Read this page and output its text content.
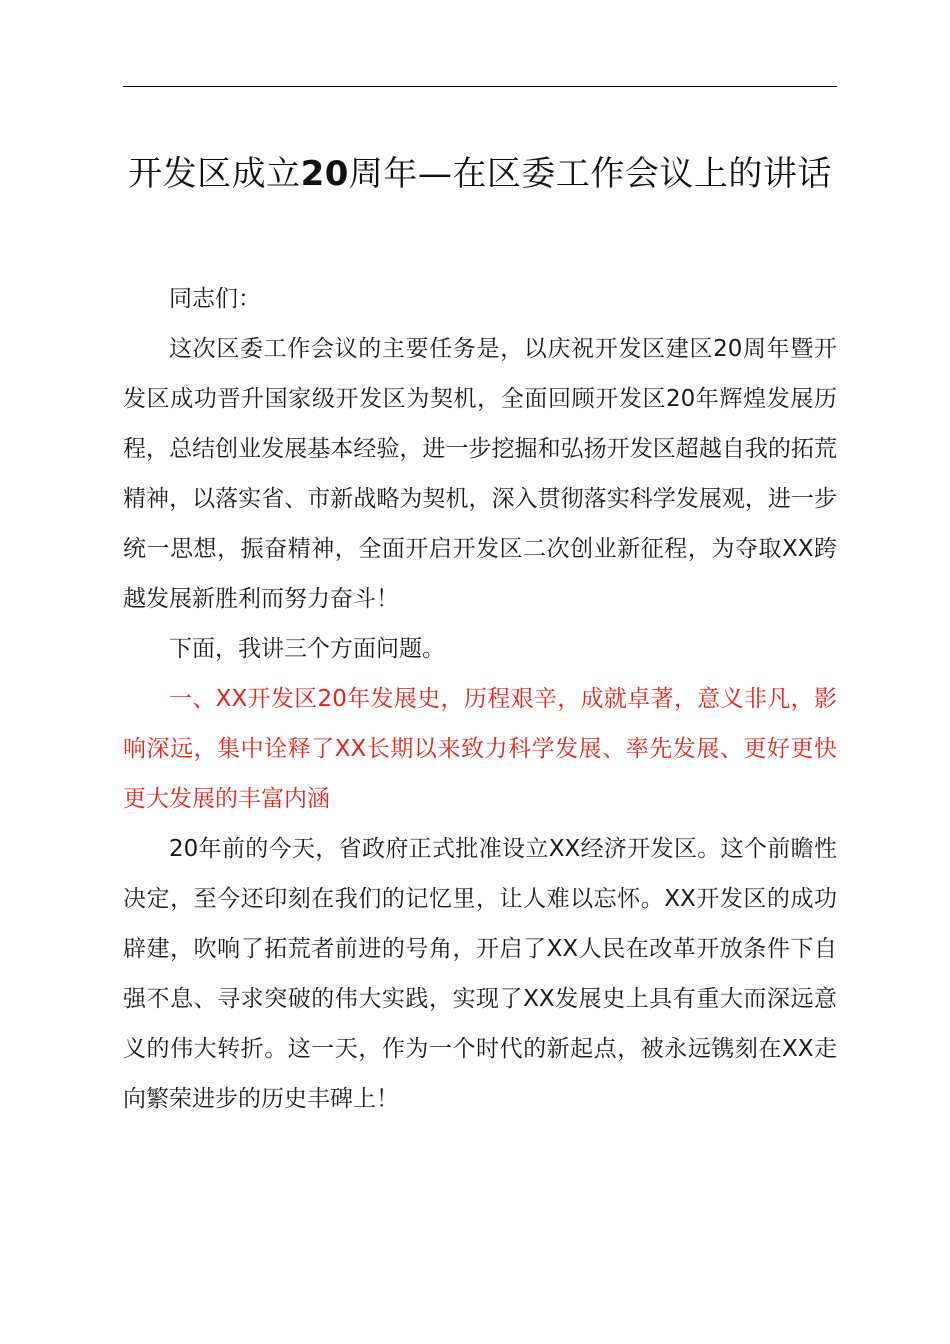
开发区成立20周年—在区委工作会议上的讲话

同志们：

这次区委工作会议的主要任务是，以庆祝开发区建区20周年暨开发区成功晋升国家级开发区为契机，全面回顾开发区20年辉煌发展历程，总结创业发展基本经验，进一步挖掘和弘扬开发区超越自我的拓荒精神，以落实省、市新战略为契机，深入贯彻落实科学发展观，进一步统一思想，振奋精神，全面开启开发区二次创业新征程，为夺取XX跨越发展新胜利而努力奋斗！

下面，我讲三个方面问题。

一、XX开发区20年发展史，历程艰辛，成就卓著，意义非凡，影响深远，集中诠释了XX长期以来致力科学发展、率先发展、更好更快更大发展的丰富内涵

20年前的今天，省政府正式批准设立XX经济开发区。这个前瞻性决定，至今还印刻在我们的记忆里，让人难以忘怀。XX开发区的成功辟建，吹响了拓荒者前进的号角，开启了XX人民在改革开放条件下自强不息、寻求突破的伟大实践，实现了XX发展史上具有重大而深远意义的伟大转折。这一天，作为一个时代的新起点，被永远镌刻在XX走向繁荣进步的历史丰碑上！
